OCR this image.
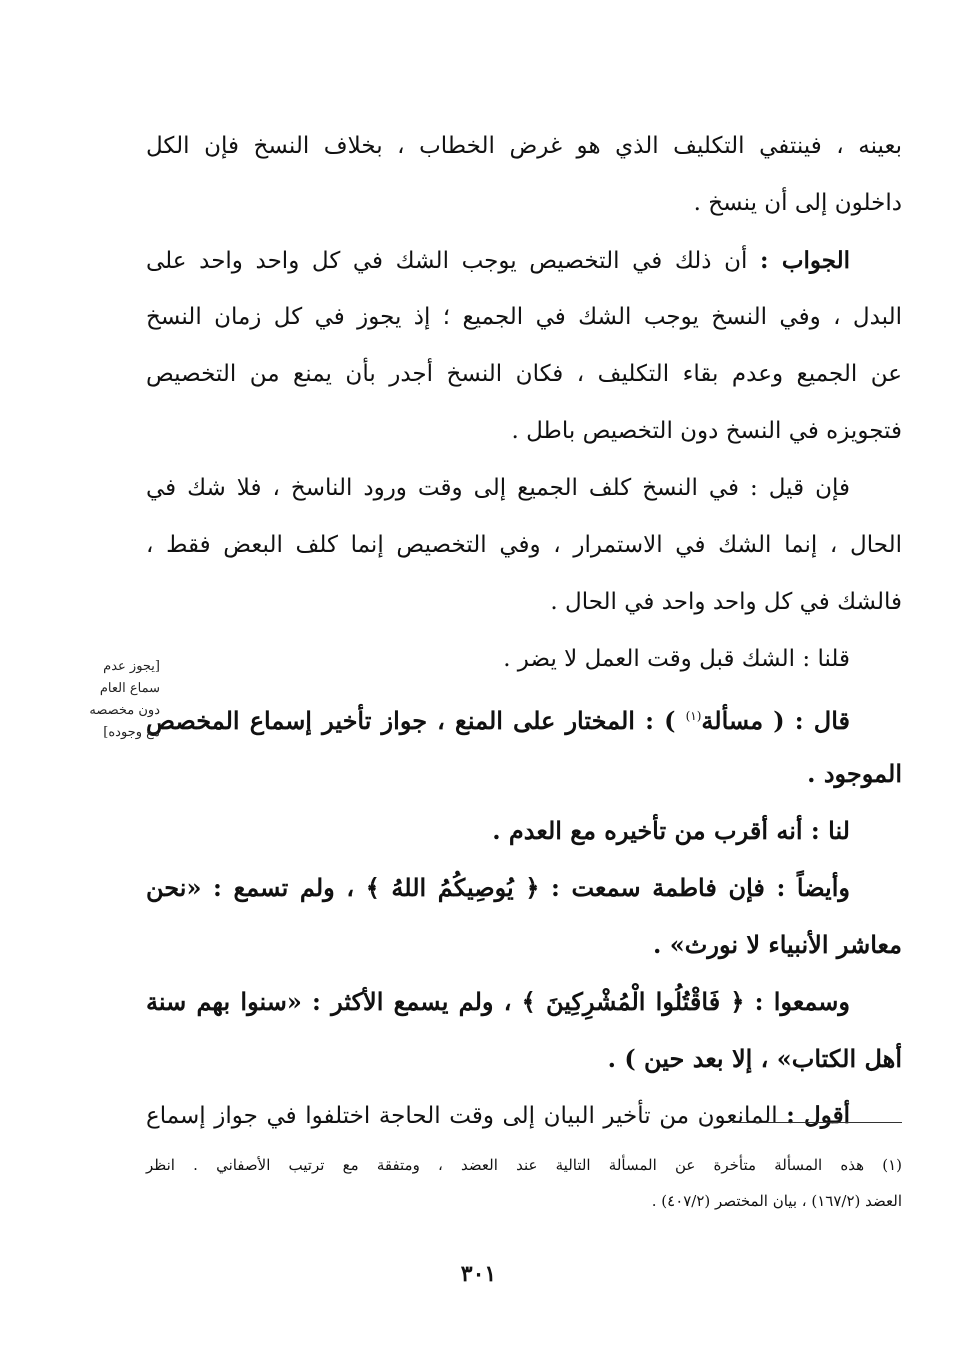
بعينه ، فينتفي التكليف الذي هو غرض الخطاب ، بخلاف النسخ فإن الكل
داخلون إلى أن ينسخ .
الجواب : أن ذلك في التخصيص يوجب الشك في كل واحد واحد على
البدل ، وفي النسخ يوجب الشك في الجميع ؛ إذ يجوز في كل زمان النسخ
عن الجميع وعدم بقاء التكليف ، فكان النسخ أجدر بأن يمنع من التخصيص
فتجويزه في النسخ دون التخصيص باطل .
فإن قيل : في النسخ كلف الجميع إلى وقت ورود الناسخ ، فلا شك في
الحال ، إنما الشك في الاستمرار ، وفي التخصيص إنما كلف البعض فقط ،
فالشك في كل واحد واحد في الحال .
قلنا : الشك قبل وقت العمل لا يضر .
قال : ( مسألة$^{(١)}$ ) : المختار على المنع ، جواز تأخير إسماع المخصص
الموجود .
لنا : أنه أقرب من تأخيره مع العدم .
وأيضاً : فإن فاطمة سمعت : ﴿ يُوصِيكُمُ اللهُ ﴾ ، ولم تسمع : «نحن
معاشر الأنبياء لا نورث» .
وسمعوا : ﴿ فَاقْتُلُوا الْمُشْرِكِينَ ﴾ ، ولم يسمع الأكثر : «سنوا بهم سنة
أهل الكتاب» ، إلا بعد حين ) .
أقول : المانعون من تأخير البيان إلى وقت الحاجة اختلفوا في جواز إسماع
[يجوز عدم
سماع العام
دون مخصصه
مع وجوده]
(١) هذه المسألة متأخرة عن المسألة التالية عند العضد ، ومتفقة مع ترتيب الأصفاني . انظر
العضد (١٦٧/٢) ، بيان المختصر (٤٠٧/٢) .
٣٠١
